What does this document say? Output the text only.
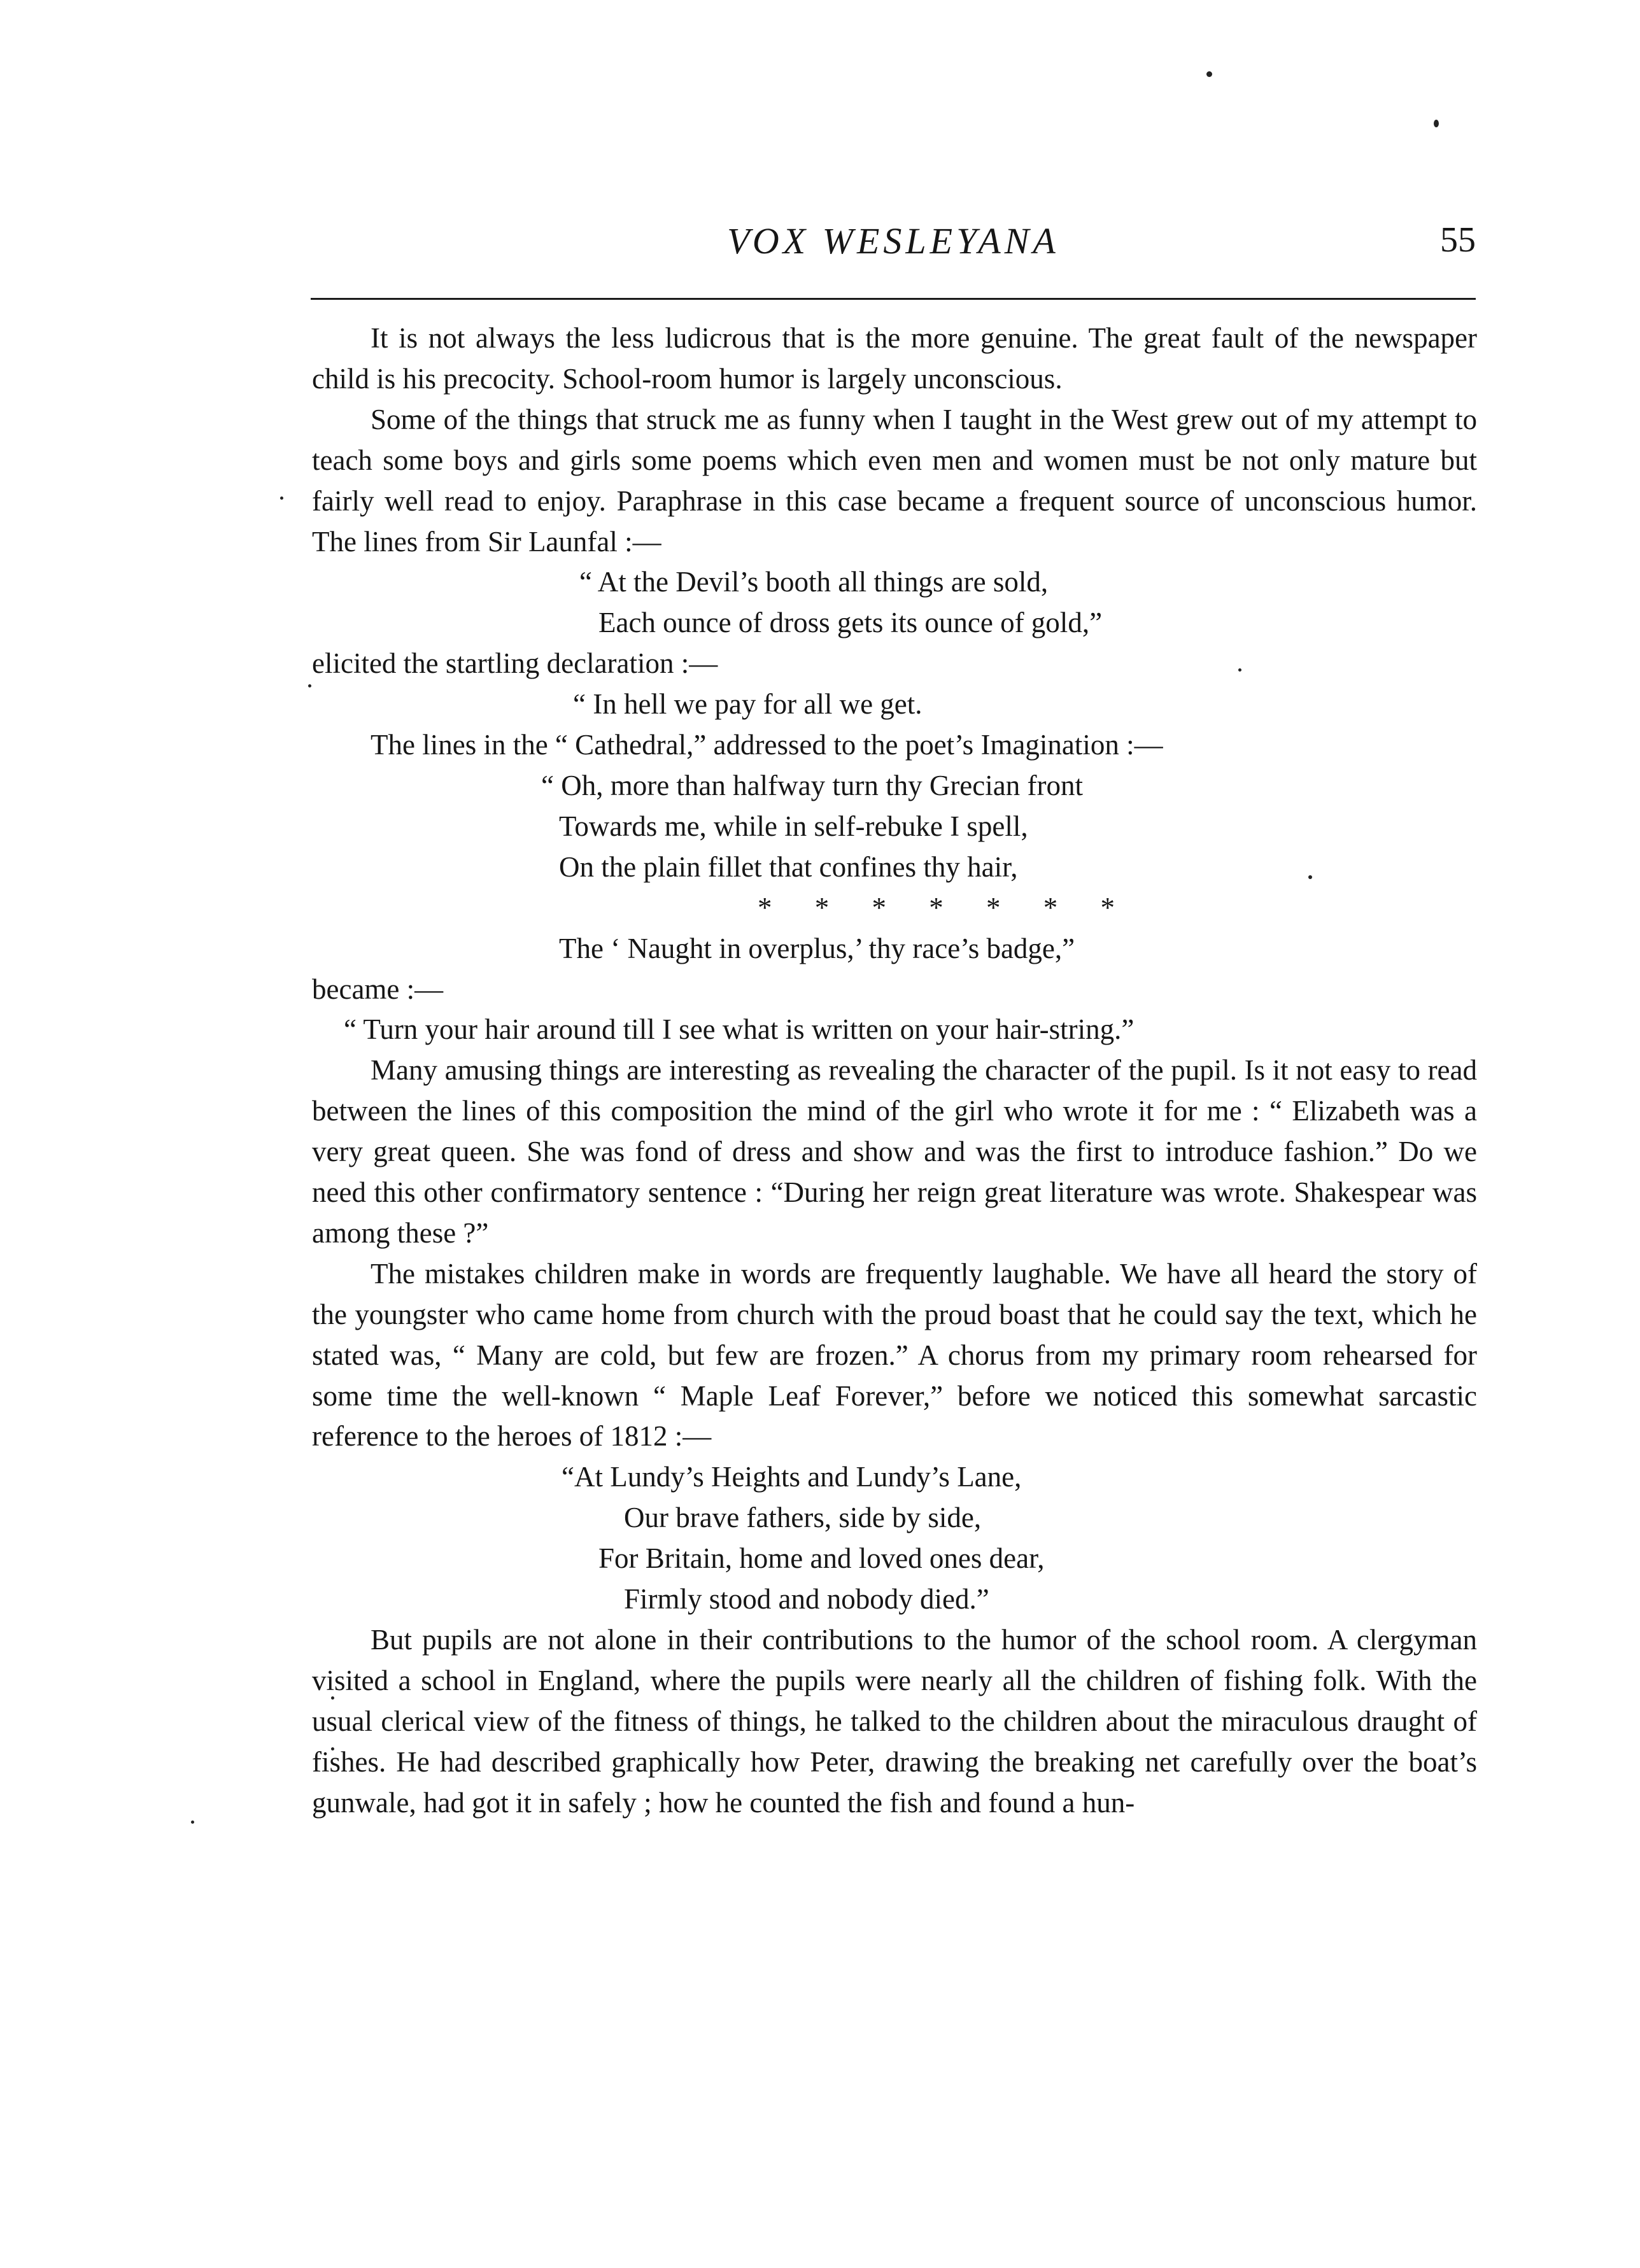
VOX WESLEYANA	55

It is not always the less ludicrous that is the more genuine. The great fault of the newspaper child is his precocity. School-room humor is largely unconscious.

Some of the things that struck me as funny when I taught in the West grew out of my attempt to teach some boys and girls some poems which even men and women must be not only mature but fairly well read to enjoy. Paraphrase in this case became a frequent source of unconscious humor. The lines from Sir Launfal :—

“ At the Devil’s booth all things are sold,

Each ounce of dross gets its ounce of gold,”

elicited the startling declaration :—

“ In hell we pay for all we get.

The lines in the “ Cathedral,” addressed to the poet’s Imagination :—

“ Oh, more than halfway turn thy Grecian front

Towards me, while in self-rebuke I spell,

On the plain fillet that confines thy hair,

* * * * * * *

The ‘ Naught in overplus,’ thy race’s badge,”

became :—

“ Turn your hair around till I see what is written on your hair-string.”

Many amusing things are interesting as revealing the character of the pupil. Is it not easy to read between the lines of this composition the mind of the girl who wrote it for me : “ Elizabeth was a very great queen. She was fond of dress and show and was the first to introduce fashion.” Do we need this other confirmatory sentence : “During her reign great literature was wrote. Shakespear was among these ?”

The mistakes children make in words are frequently laughable. We have all heard the story of the youngster who came home from church with the proud boast that he could say the text, which he stated was, “ Many are cold, but few are frozen.” A chorus from my primary room rehearsed for some time the well-known “ Maple Leaf Forever,” before we noticed this somewhat sarcastic reference to the heroes of 1812 :—

“At Lundy’s Heights and Lundy’s Lane,

Our brave fathers, side by side,

For Britain, home and loved ones dear,

Firmly stood and nobody died.”

But pupils are not alone in their contributions to the humor of the school room. A clergyman visited a school in England, where the pupils were nearly all the children of fishing folk. With the usual clerical view of the fitness of things, he talked to the children about the miraculous draught of fishes. He had described graphically how Peter, drawing the breaking net carefully over the boat’s gunwale, had got it in safely ; how he counted the fish and found a hun-
